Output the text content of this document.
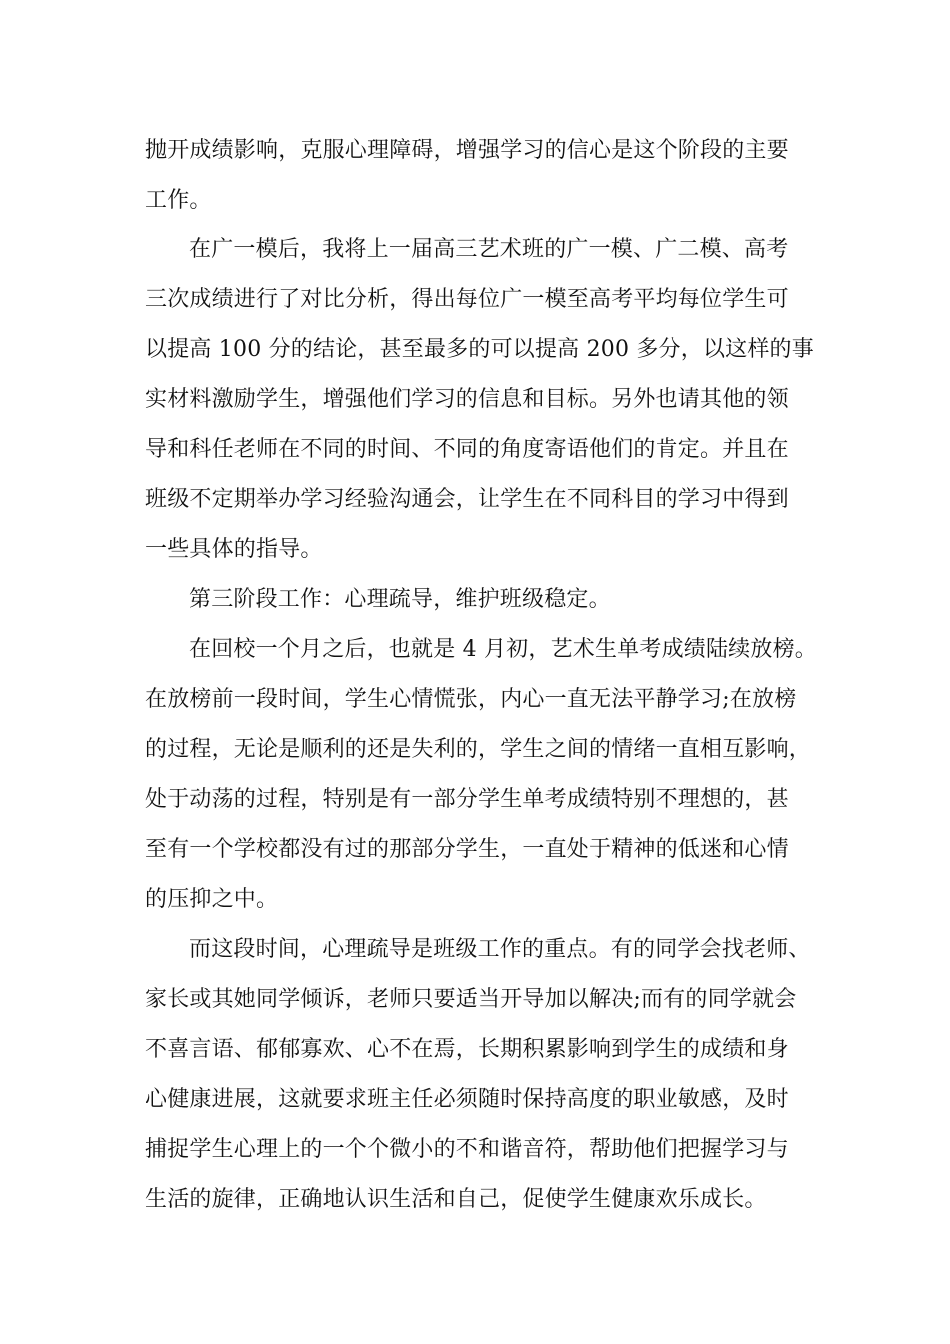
抛开成绩影响，克服心理障碍，增强学习的信心是这个阶段的主要
工作。
在广一模后，我将上一届高三艺术班的广一模、广二模、高考
三次成绩进行了对比分析，得出每位广一模至高考平均每位学生可
以提高 100 分的结论，甚至最多的可以提高 200 多分，以这样的事
实材料激励学生，增强他们学习的信息和目标。另外也请其他的领
导和科任老师在不同的时间、不同的角度寄语他们的肯定。并且在
班级不定期举办学习经验沟通会，让学生在不同科目的学习中得到
一些具体的指导。
第三阶段工作：心理疏导，维护班级稳定。
在回校一个月之后，也就是 4 月初，艺术生单考成绩陆续放榜。
在放榜前一段时间，学生心情慌张，内心一直无法平静学习;在放榜
的过程，无论是顺利的还是失利的，学生之间的情绪一直相互影响，
处于动荡的过程，特别是有一部分学生单考成绩特别不理想的，甚
至有一个学校都没有过的那部分学生，一直处于精神的低迷和心情
的压抑之中。
而这段时间，心理疏导是班级工作的重点。有的同学会找老师、
家长或其她同学倾诉，老师只要适当开导加以解决;而有的同学就会
不喜言语、郁郁寡欢、心不在焉，长期积累影响到学生的成绩和身
心健康进展，这就要求班主任必须随时保持高度的职业敏感，及时
捕捉学生心理上的一个个微小的不和谐音符，帮助他们把握学习与
生活的旋律，正确地认识生活和自己，促使学生健康欢乐成长。
